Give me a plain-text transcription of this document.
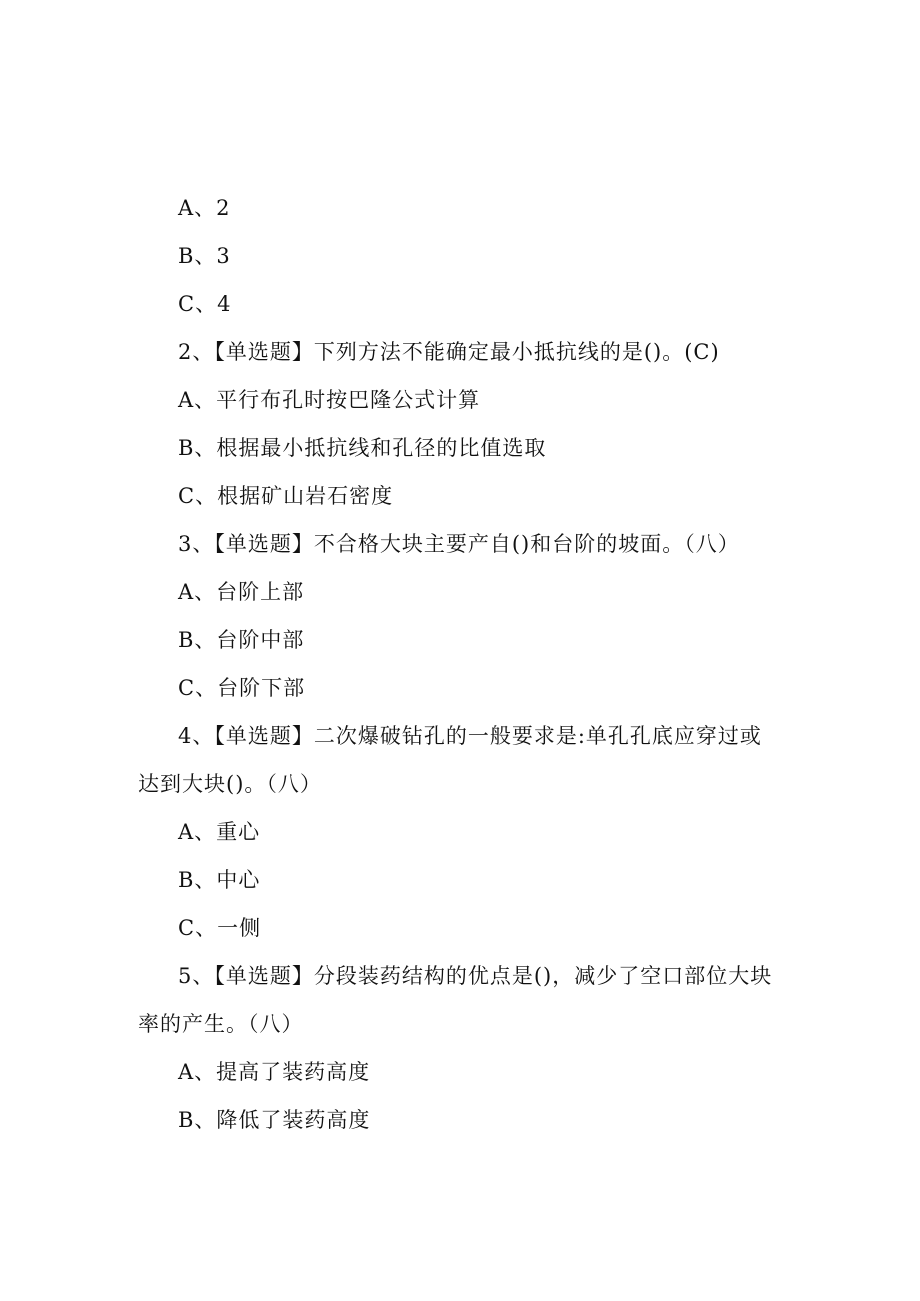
A、2
B、3
C、4
2、【单选题】下列方法不能确定最小抵抗线的是()。(C)
A、平行布孔时按巴隆公式计算
B、根据最小抵抗线和孔径的比值选取
C、根据矿山岩石密度
3、【单选题】不合格大块主要产自()和台阶的坡面。（八）
A、台阶上部
B、台阶中部
C、台阶下部
4、【单选题】二次爆破钻孔的一般要求是:单孔孔底应穿过或
达到大块()。（八）
A、重心
B、中心
C、一侧
5、【单选题】分段装药结构的优点是()，减少了空口部位大块
率的产生。（八）
A、提高了装药高度
B、降低了装药高度
